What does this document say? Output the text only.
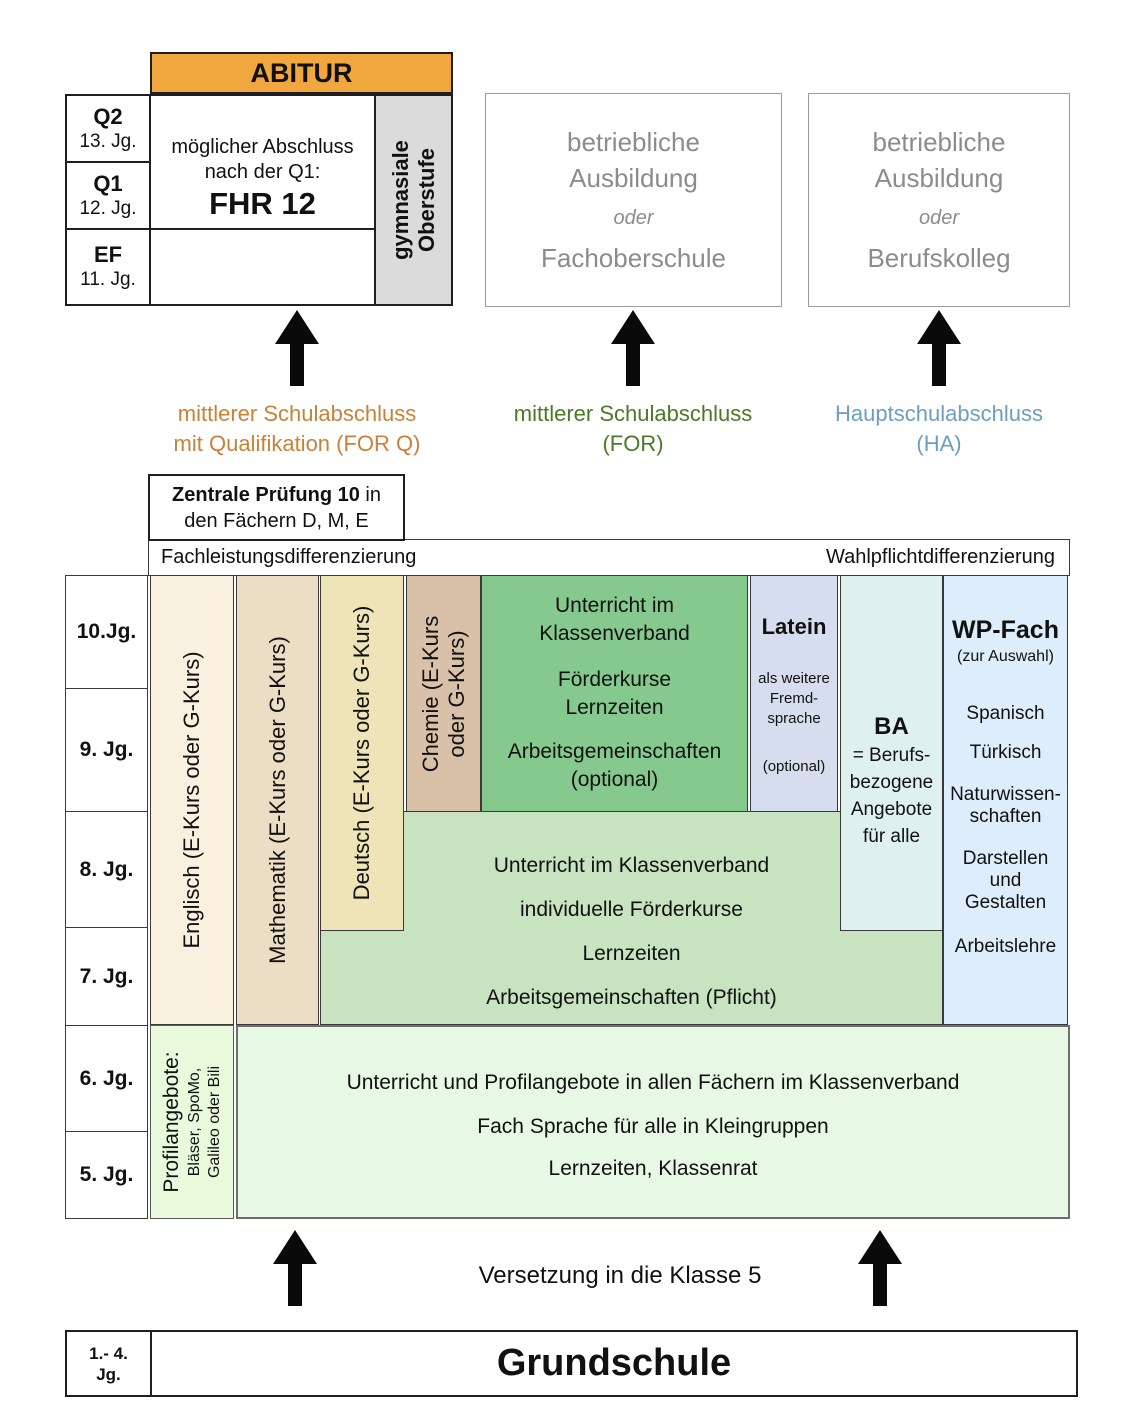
ABITUR
Q2
13. Jg.
Q1
12. Jg.
EF
11. Jg.
möglicher Abschluss
nach der Q1:
FHR 12	gymnasiale Oberstufe
betriebliche
Ausbildung
oder
Fachoberschule
betriebliche
Ausbildung
oder
Berufskolleg
mittlerer Schulabschluss
mit Qualifikation (FOR Q)
mittlerer Schulabschluss
(FOR)
Hauptschulabschluss
(HA)
Zentrale Prüfung 10 in
den Fächern D, M, E
Fachleistungsdifferenzierung	Wahlpflichtdifferenzierung
10.Jg.
9. Jg.
8. Jg.
7. Jg.
6. Jg.
5. Jg.
Unterricht im Klassenverband
individuelle Förderkurse
Lernzeiten
Arbeitsgemeinschaften (Pflicht)
BA
= Berufs-
bezogene
Angebote
für alle
Englisch (E-Kurs oder G-Kurs)	Mathematik (E-Kurs oder G-Kurs)	Deutsch (E-Kurs oder G-Kurs) Chemie (E-Kurs oder G-Kurs)
Unterricht im
Klassenverband
Förderkurse
Lernzeiten
Arbeitsgemeinschaften
(optional)
Latein
als weitere
Fremd-
sprache
(optional)
WP-Fach
(zur Auswahl)
Spanisch
Türkisch
Naturwissen-
schaften
Darstellen
und
Gestalten
Arbeitslehre
Profilangebote: Bläser, SpoMo, Galileo oder Bili	Unterricht und Profilangebote in allen Fächern im Klassenverband
Fach Sprache für alle in Kleingruppen
Lernzeiten, Klassenrat
Versetzung in die Klasse 5
1.- 4.
Jg.	Grundschule
